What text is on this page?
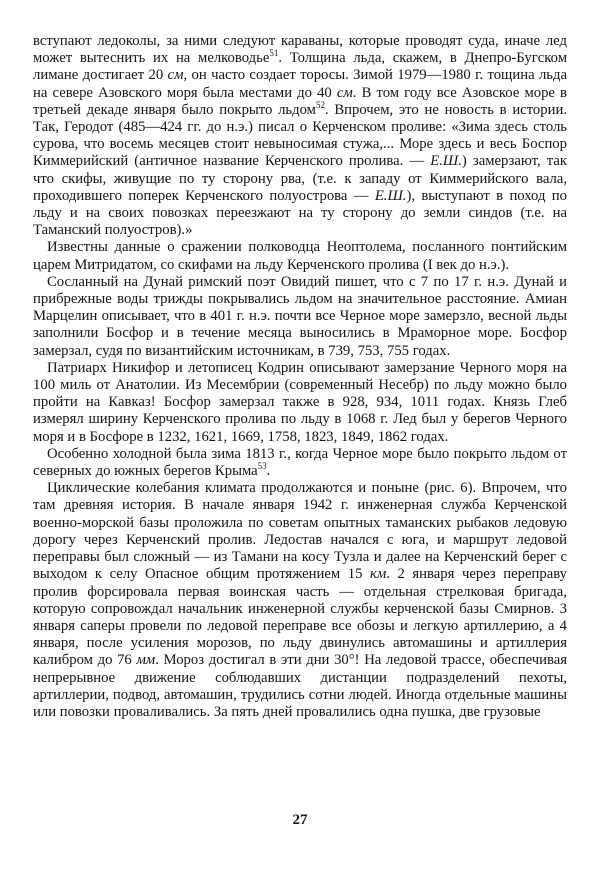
вступают ледоколы, за ними следуют караваны, которые проводят суда, иначе лед может вытеснить их на мелководье$^{51}$. Толщина льда, скажем, в Днепро-Бугском лимане достигает 20 см, он часто создает торосы. Зимой 1979—1980 г. тощина льда на севере Азовского моря была местами до 40 см. В том году все Азовское море в третьей декаде января было покрыто льдом$^{52}$. Впрочем, это не новость в истории. Так, Геродот (485—424 гг. до н.э.) писал о Керченском проливе: «Зима здесь столь сурова, что восемь месяцев стоит невыносимая стужа,... Море здесь и весь Боспор Киммерийский (античное название Керченского пролива. — Е.Ш.) замерзают, так что скифы, живущие по ту сторону рва, (т.е. к западу от Киммерийского вала, проходившего поперек Керченского полуострова — Е.Ш.), выступают в поход по льду и на своих повозках переезжают на ту сторону до земли синдов (т.е. на Таманский полуостров).»

Известны данные о сражении полководца Неоптолема, посланного понтийским царем Митридатом, со скифами на льду Керченского пролива (I век до н.э.).

Сосланный на Дунай римский поэт Овидий пишет, что с 7 по 17 г. н.э. Дунай и прибрежные воды трижды покрывались льдом на значительное расстояние. Амиан Марцелин описывает, что в 401 г. н.э. почти все Черное море замерзло, весной льды заполнили Босфор и в течение месяца выносились в Мраморное море. Босфор замерзал, судя по византийским источникам, в 739, 753, 755 годах.

Патриарх Никифор и летописец Кодрин описывают замерзание Черного моря на 100 миль от Анатолии. Из Месембрии (современный Несебр) по льду можно было пройти на Кавказ! Босфор замерзал также в 928, 934, 1011 годах. Князь Глеб измерял ширину Керченского пролива по льду в 1068 г. Лед был у берегов Черного моря и в Босфоре в 1232, 1621, 1669, 1758, 1823, 1849, 1862 годах.

Особенно холодной была зима 1813 г., когда Черное море было покрыто льдом от северных до южных берегов Крыма$^{53}$.

Циклические колебания климата продолжаются и поныне (рис. 6). Впрочем, что там древняя история. В начале января 1942 г. инженерная служба Керченской военно-морской базы проложила по советам опытных таманских рыбаков ледовую дорогу через Керченский пролив. Ледостав начался с юга, и маршрут ледовой переправы был сложный — из Тамани на косу Тузла и далее на Керченский берег с выходом к селу Опасное общим протяжением 15 км. 2 января через переправу пролив форсировала первая воинская часть — отдельная стрелковая бригада, которую сопровождал начальник инженерной службы керченской базы Смирнов. 3 января саперы провели по ледовой переправе все обозы и легкую артиллерию, а 4 января, после усиления морозов, по льду двинулись автомашины и артиллерия калибром до 76 мм. Мороз достигал в эти дни 30°! На ледовой трассе, обеспечивая непрерывное движение соблюдавших дистанции подразделений пехоты, артиллерии, подвод, автомашин, трудились сотни людей. Иногда отдельные машины или повозки проваливались. За пять дней провалились одна пушка, две грузовые

27
